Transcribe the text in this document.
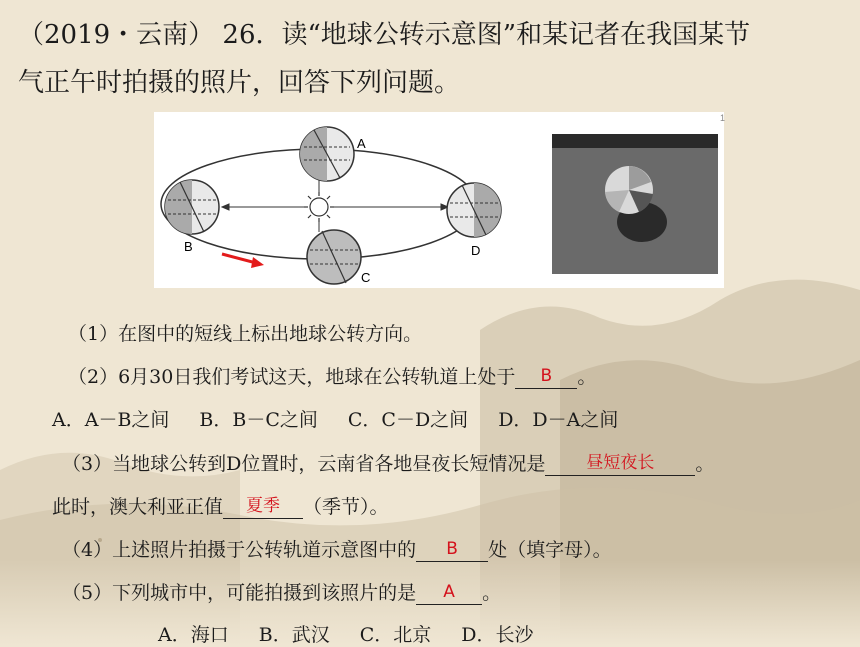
（2019・云南） 26．读“地球公转示意图”和某记者在我国某节
气正午时拍摄的照片，回答下列问题。
A
B
C
D
1
（1）在图中的短线上标出地球公转方向。
（2）6月30日我们考试这天，地球在公转轨道上处于	B	。
A．A－B之间 B．B－C之间 C．C－D之间 D．D－A之间
（3）当地球公转到D位置时，云南省各地昼夜长短情况是	昼短夜长	。
此时，澳大利亚正值	夏季	（季节）。
（4）上述照片拍摄于公转轨道示意图中的	B	处（填字母）。
（5）下列城市中，可能拍摄到该照片的是	A	。
A．海口 B．武汉 C．北京 D．长沙
